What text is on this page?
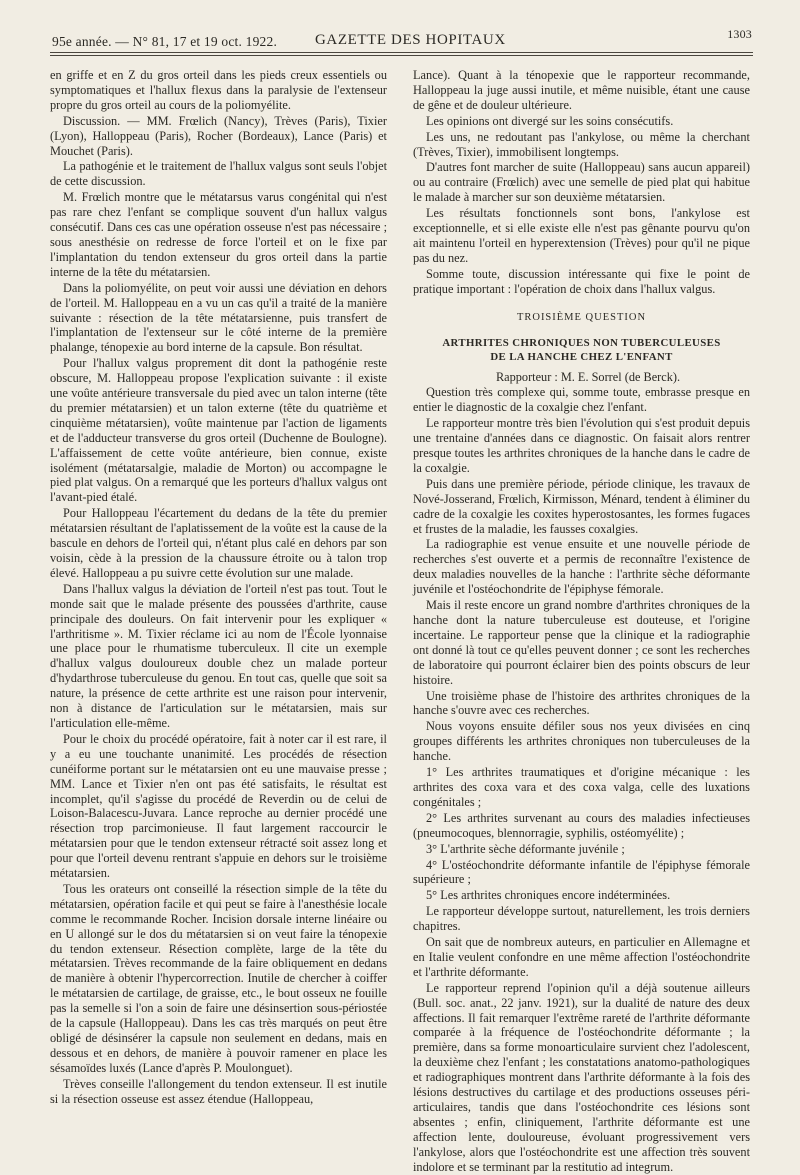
95e année. — N° 81, 17 et 19 oct. 1922.	GAZETTE DES HOPITAUX	1303

en griffe et en Z du gros orteil dans les pieds creux essentiels ou symptomatiques et l'hallux flexus dans la paralysie de l'extenseur propre du gros orteil au cours de la poliomyélite.

Discussion. — MM. Frœlich (Nancy), Trèves (Paris), Tixier (Lyon), Halloppeau (Paris), Rocher (Bordeaux), Lance (Paris) et Mouchet (Paris).

La pathogénie et le traitement de l'hallux valgus sont seuls l'objet de cette discussion.

M. Frœlich montre que le métatarsus varus congénital qui n'est pas rare chez l'enfant se complique souvent d'un hallux valgus consécutif. Dans ces cas une opération osseuse n'est pas nécessaire ; sous anesthésie on redresse de force l'orteil et on le fixe par l'implantation du tendon extenseur du gros orteil dans la partie interne de la tête du métatarsien.

Dans la poliomyélite, on peut voir aussi une déviation en dehors de l'orteil. M. Halloppeau en a vu un cas qu'il a traité de la manière suivante : résection de la tête métatarsienne, puis transfert de l'implantation de l'extenseur sur le côté interne de la première phalange, ténopexie au bord interne de la capsule. Bon résultat.

Pour l'hallux valgus proprement dit dont la pathogénie reste obscure, M. Halloppeau propose l'explication suivante : il existe une voûte antérieure transversale du pied avec un talon interne (tête du premier métatarsien) et un talon externe (tête du quatrième et cinquième métatarsien), voûte maintenue par l'action de ligaments et de l'adducteur transverse du gros orteil (Duchenne de Boulogne). L'affaissement de cette voûte antérieure, bien connue, existe isolément (métatarsalgie, maladie de Morton) ou accompagne le pied plat valgus. On a remarqué que les porteurs d'hallux valgus ont l'avant-pied étalé.

Pour Halloppeau l'écartement du dedans de la tête du premier métatarsien résultant de l'aplatissement de la voûte est la cause de la bascule en dehors de l'orteil qui, n'étant plus calé en dehors par son voisin, cède à la pression de la chaussure étroite ou à talon trop élevé. Halloppeau a pu suivre cette évolution sur une malade.

Dans l'hallux valgus la déviation de l'orteil n'est pas tout. Tout le monde sait que le malade présente des poussées d'arthrite, cause principale des douleurs. On fait intervenir pour les expliquer « l'arthritisme ». M. Tixier réclame ici au nom de l'École lyonnaise une place pour le rhumatisme tuberculeux. Il cite un exemple d'hallux valgus douloureux double chez un malade porteur d'hydarthrose tuberculeuse du genou. En tout cas, quelle que soit sa nature, la présence de cette arthrite est une raison pour intervenir, non à distance de l'articulation sur le métatarsien, mais sur l'articulation elle-même.

Pour le choix du procédé opératoire, fait à noter car il est rare, il y a eu une touchante unanimité. Les procédés de résection cunéiforme portant sur le métatarsien ont eu une mauvaise presse ; MM. Lance et Tixier n'en ont pas été satisfaits, le résultat est incomplet, qu'il s'agisse du procédé de Reverdin ou de celui de Loison-Balacescu-Juvara. Lance reproche au dernier procédé une résection trop parcimonieuse. Il faut largement raccourcir le métatarsien pour que le tendon extenseur rétracté soit assez long et pour que l'orteil devenu rentrant s'appuie en dehors sur le troisième métatarsien.

Tous les orateurs ont conseillé la résection simple de la tête du métatarsien, opération facile et qui peut se faire à l'anesthésie locale comme le recommande Rocher. Incision dorsale interne linéaire ou en U allongé sur le dos du métatarsien si on veut faire la ténopexie du tendon extenseur. Résection complète, large de la tête du métatarsien. Trèves recommande de la faire obliquement en dedans de manière à obtenir l'hypercorrection. Inutile de chercher à coiffer le métatarsien de cartilage, de graisse, etc., le bout osseux ne fouille pas la semelle si l'on a soin de faire une désinsertion sous-périostée de la capsule (Halloppeau). Dans les cas très marqués on peut être obligé de désinsérer la capsule non seulement en dedans, mais en dessous et en dehors, de manière à pouvoir ramener en place les sésamoïdes luxés (Lance d'après P. Moulonguet).

Trèves conseille l'allongement du tendon extenseur. Il est inutile si la résection osseuse est assez étendue (Halloppeau,

Lance). Quant à la ténopexie que le rapporteur recommande, Halloppeau la juge aussi inutile, et même nuisible, étant une cause de gêne et de douleur ultérieure.

Les opinions ont divergé sur les soins consécutifs.

Les uns, ne redoutant pas l'ankylose, ou même la cherchant (Trèves, Tixier), immobilisent longtemps.

D'autres font marcher de suite (Halloppeau) sans aucun appareil) ou au contraire (Frœlich) avec une semelle de pied plat qui habitue le malade à marcher sur son deuxième métatarsien.

Les résultats fonctionnels sont bons, l'ankylose est exceptionnelle, et si elle existe elle n'est pas gênante pourvu qu'on ait maintenu l'orteil en hyperextension (Trèves) pour qu'il ne pique pas du nez.

Somme toute, discussion intéressante qui fixe le point de pratique important : l'opération de choix dans l'hallux valgus.

TROISIÈME QUESTION
ARTHRITES CHRONIQUES NON TUBERCULEUSES
DE LA HANCHE CHEZ L'ENFANT

Rapporteur : M. E. Sorrel (de Berck).

Question très complexe qui, somme toute, embrasse presque en entier le diagnostic de la coxalgie chez l'enfant.

Le rapporteur montre très bien l'évolution qui s'est produit depuis une trentaine d'années dans ce diagnostic. On faisait alors rentrer presque toutes les arthrites chroniques de la hanche dans le cadre de la coxalgie.

Puis dans une première période, période clinique, les travaux de Nové-Josserand, Frœlich, Kirmisson, Ménard, tendent à éliminer du cadre de la coxalgie les coxites hyperostosantes, les formes fugaces et frustes de la maladie, les fausses coxalgies.

La radiographie est venue ensuite et une nouvelle période de recherches s'est ouverte et a permis de reconnaître l'existence de deux maladies nouvelles de la hanche : l'arthrite sèche déformante juvénile et l'ostéochondrite de l'épiphyse fémorale.

Mais il reste encore un grand nombre d'arthrites chroniques de la hanche dont la nature tuberculeuse est douteuse, et l'origine incertaine. Le rapporteur pense que la clinique et la radiographie ont donné là tout ce qu'elles peuvent donner ; ce sont les recherches de laboratoire qui pourront éclairer bien des points obscurs de leur histoire.

Une troisième phase de l'histoire des arthrites chroniques de la hanche s'ouvre avec ces recherches.

Nous voyons ensuite défiler sous nos yeux divisées en cinq groupes différents les arthrites chroniques non tuberculeuses de la hanche.

1° Les arthrites traumatiques et d'origine mécanique : les arthrites des coxa vara et des coxa valga, celle des luxations congénitales ;

2° Les arthrites survenant au cours des maladies infectieuses (pneumocoques, blennorragie, syphilis, ostéomyélite) ;

3° L'arthrite sèche déformante juvénile ;

4° L'ostéochondrite déformante infantile de l'épiphyse fémorale supérieure ;

5° Les arthrites chroniques encore indéterminées.

Le rapporteur développe surtout, naturellement, les trois derniers chapitres.

On sait que de nombreux auteurs, en particulier en Allemagne et en Italie veulent confondre en une même affection l'ostéochondrite et l'arthrite déformante.

Le rapporteur reprend l'opinion qu'il a déjà soutenue ailleurs (Bull. soc. anat., 22 janv. 1921), sur la dualité de nature des deux affections. Il fait remarquer l'extrême rareté de l'arthrite déformante comparée à la fréquence de l'ostéochondrite déformante ; la première, dans sa forme monoarticulaire survient chez l'adolescent, la deuxième chez l'enfant ; les constatations anatomo-pathologiques et radiographiques montrent dans l'arthrite déformante à la fois des lésions destructives du cartilage et des productions osseuses péri-articulaires, tandis que dans l'ostéochondrite ces lésions sont absentes ; enfin, cliniquement, l'arthrite déformante est une affection lente, douloureuse, évoluant progressivement vers l'ankylose, alors que l'ostéochondrite est une affection très souvent indolore et se terminant par la restitutio ad integrum.
